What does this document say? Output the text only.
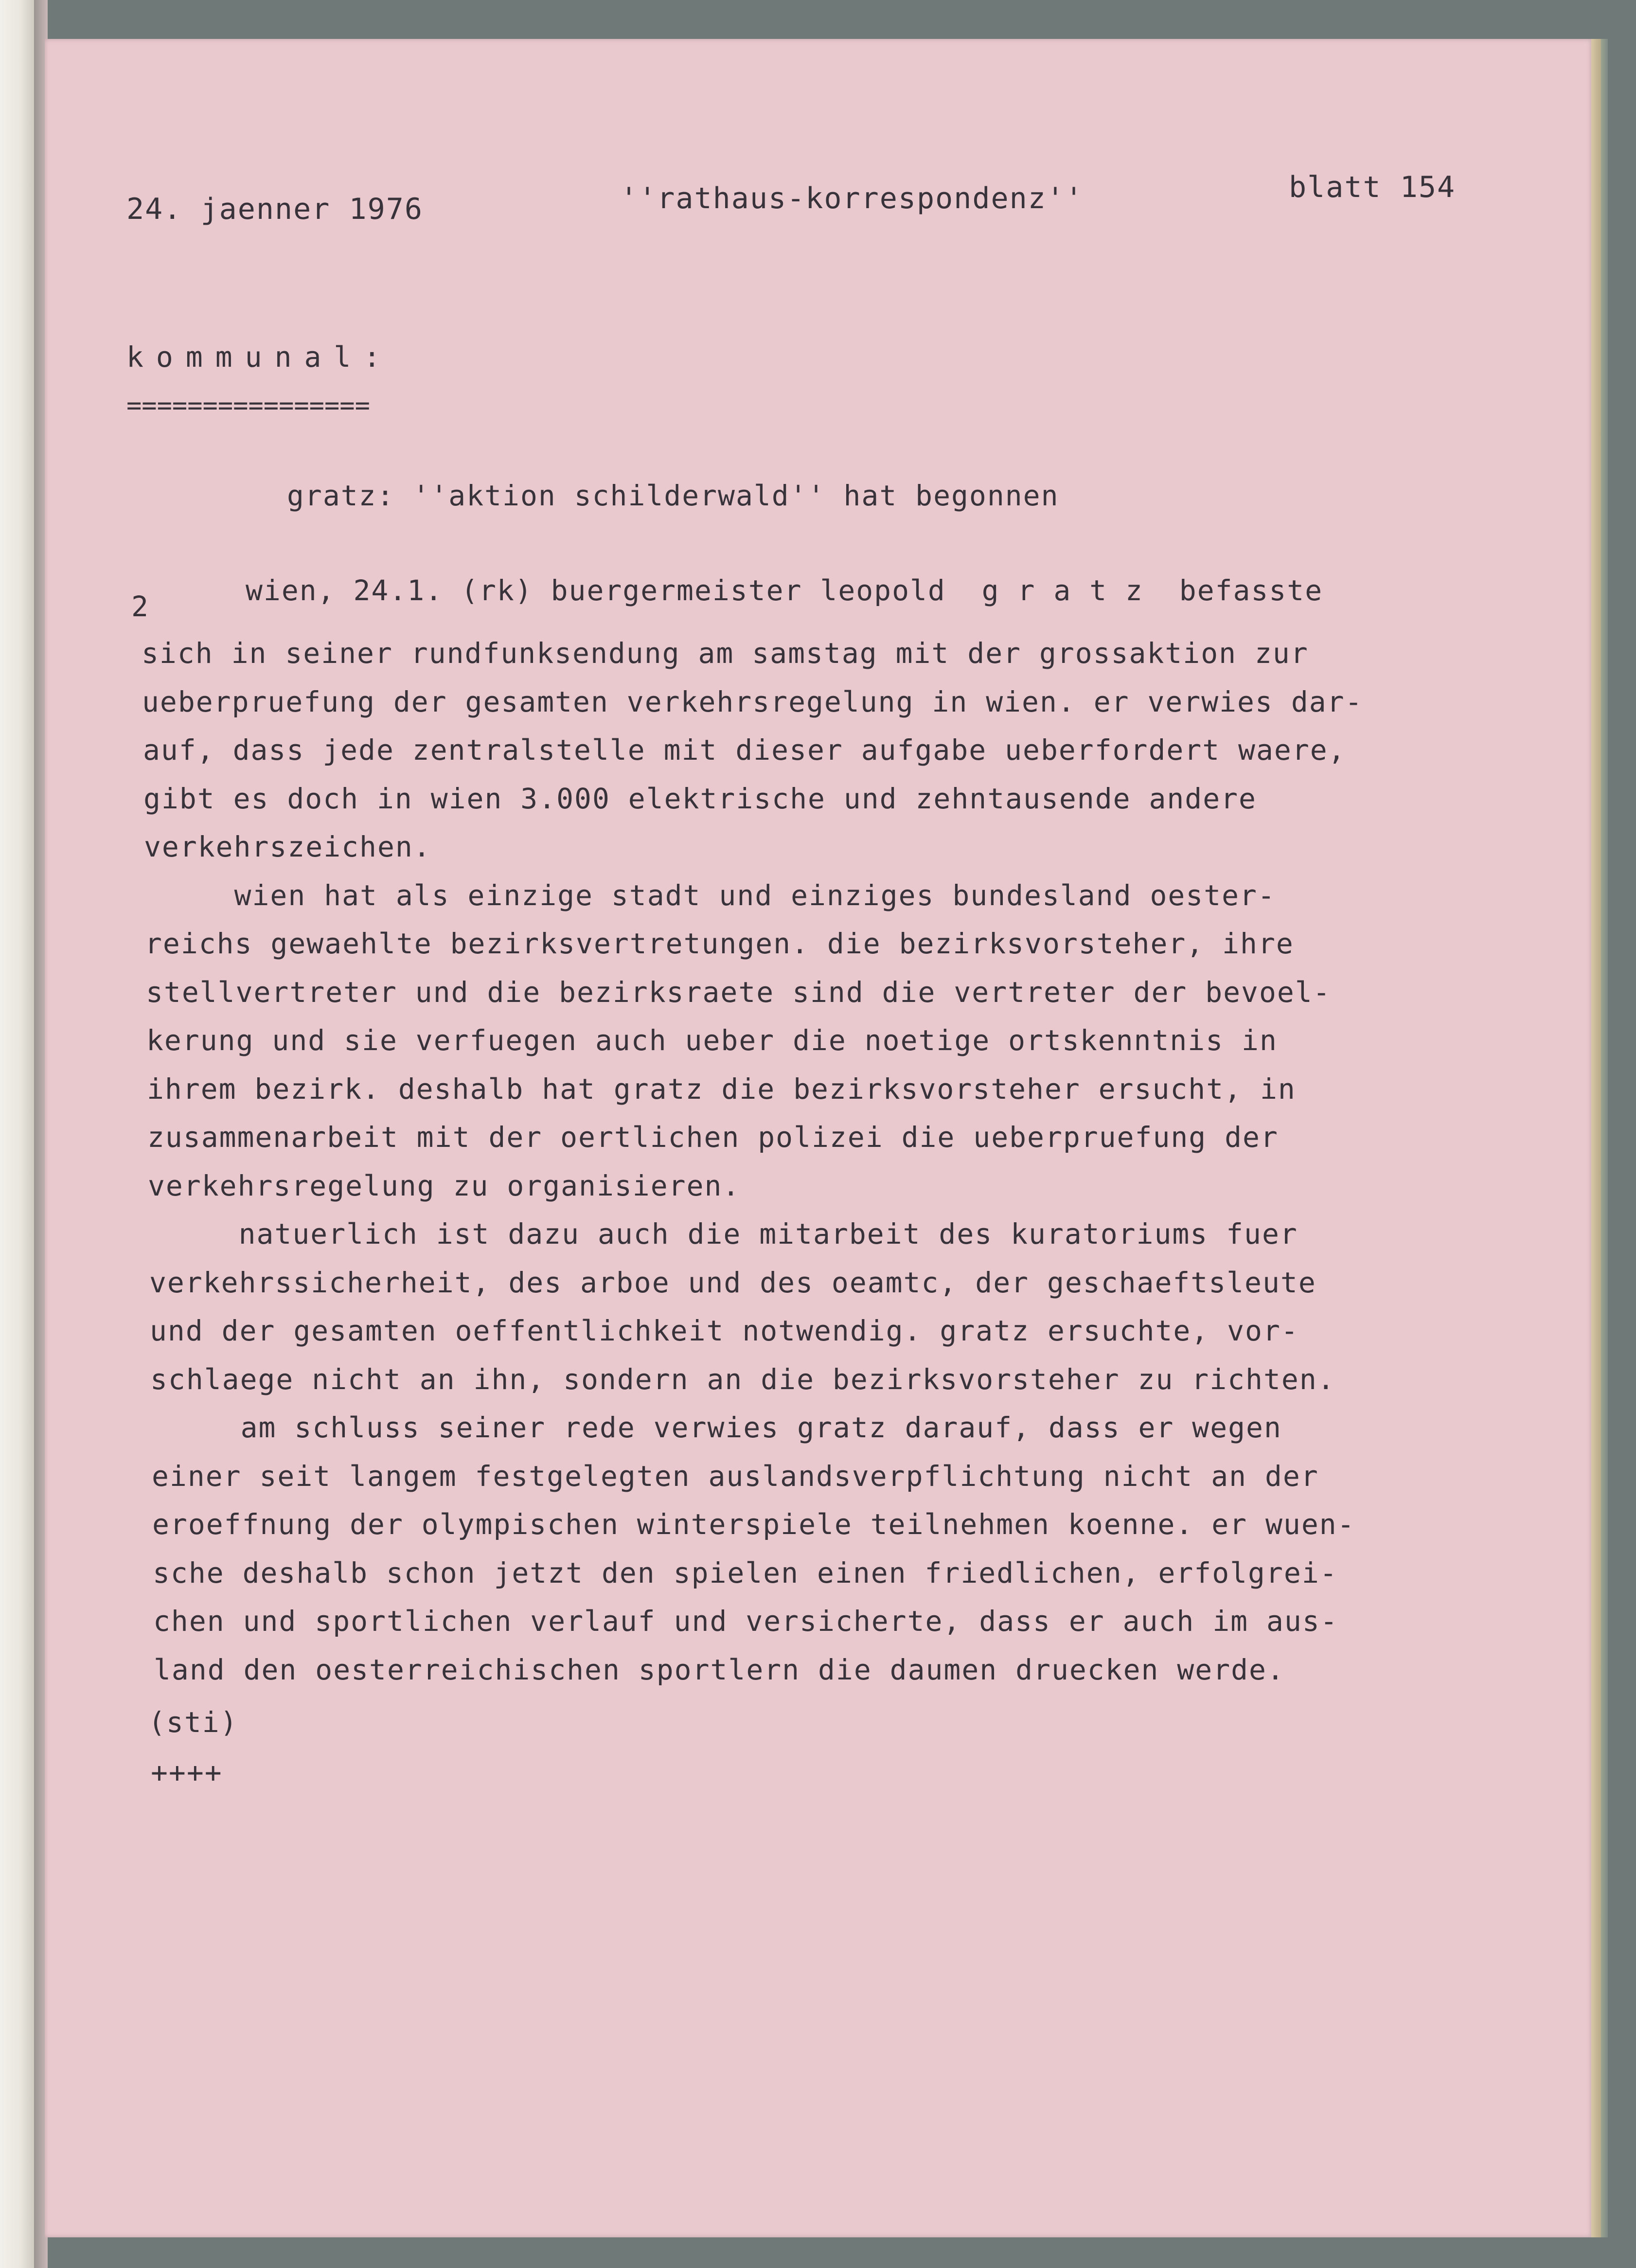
24. jaenner 1976	''rathaus-korrespondenz''	blatt 154
kommunal:
================
gratz: ''aktion schilderwald'' hat begonnen
2	wien, 24.1. (rk) buergermeister leopold  g r a t z  befasste
sich in seiner rundfunksendung am samstag mit der grossaktion zur
ueberpruefung der gesamten verkehrsregelung in wien. er verwies dar-
auf, dass jede zentralstelle mit dieser aufgabe ueberfordert waere,
gibt es doch in wien 3.000 elektrische und zehntausende andere
verkehrszeichen.
wien hat als einzige stadt und einziges bundesland oester-
reichs gewaehlte bezirksvertretungen. die bezirksvorsteher, ihre
stellvertreter und die bezirksraete sind die vertreter der bevoel-
kerung und sie verfuegen auch ueber die noetige ortskenntnis in
ihrem bezirk. deshalb hat gratz die bezirksvorsteher ersucht, in
zusammenarbeit mit der oertlichen polizei die ueberpruefung der
verkehrsregelung zu organisieren.
natuerlich ist dazu auch die mitarbeit des kuratoriums fuer
verkehrssicherheit, des arboe und des oeamtc, der geschaeftsleute
und der gesamten oeffentlichkeit notwendig. gratz ersuchte, vor-
schlaege nicht an ihn, sondern an die bezirksvorsteher zu richten.
am schluss seiner rede verwies gratz darauf, dass er wegen
einer seit langem festgelegten auslandsverpflichtung nicht an der
eroeffnung der olympischen winterspiele teilnehmen koenne. er wuen-
sche deshalb schon jetzt den spielen einen friedlichen, erfolgrei-
chen und sportlichen verlauf und versicherte, dass er auch im aus-
land den oesterreichischen sportlern die daumen druecken werde.
(sti)
++++
